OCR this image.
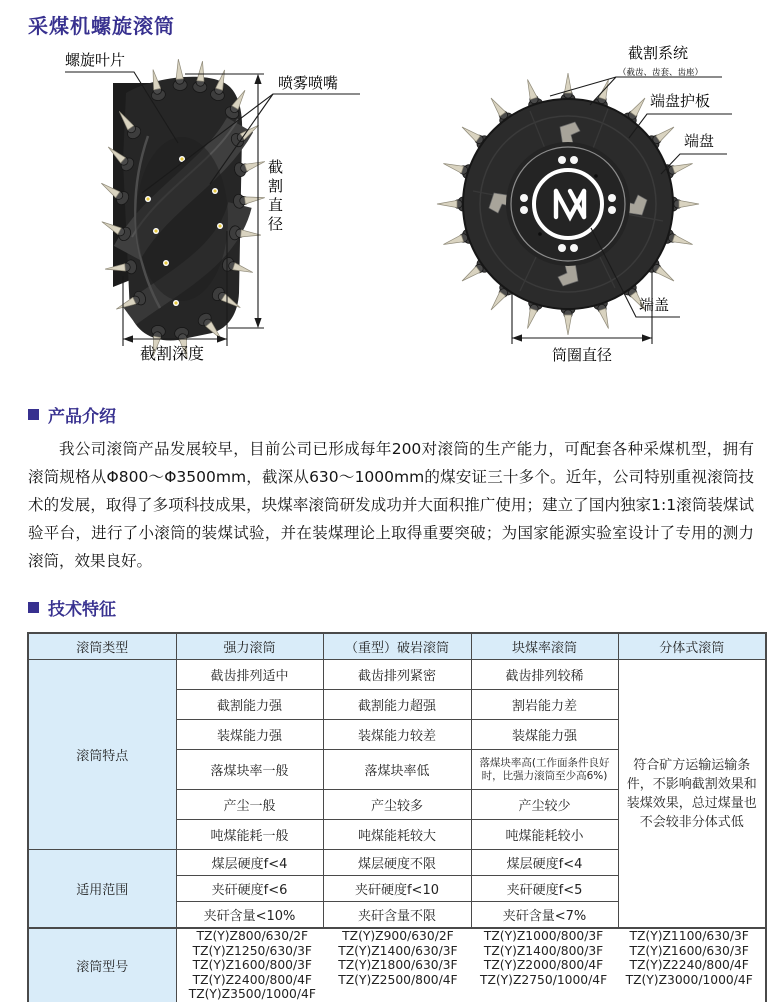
采煤机螺旋滚筒
螺旋叶片
喷雾喷嘴
截割直径
截割深度
截割系统
（截齿、齿套、齿座）
端盘护板
端盘
端盖
筒圈直径
产品介绍

我公司滚筒产品发展较早，目前公司已形成每年200对滚筒的生产能力，可配套各种采煤机型，拥有滚筒规格从Φ800～Φ3500mm，截深从630～1000mm的煤安证三十多个。近年，公司特别重视滚筒技术的发展，取得了多项科技成果，块煤率滚筒研发成功并大面积推广使用；建立了国内独家1:1滚筒装煤试验平台，进行了小滚筒的装煤试验，并在装煤理论上取得重要突破；为国家能源实验室设计了专用的测力滚筒，效果良好。

技术特征
滚筒类型	强力滚筒	（重型）破岩滚筒	块煤率滚筒	分体式滚筒
滚筒特点	截齿排列适中	截齿排列紧密	截齿排列较稀	符合矿方运输运输条件，不影响截割效果和装煤效果，总过煤量也不会较非分体式低
	截割能力强	截割能力超强	割岩能力差	
	装煤能力强	装煤能力较差	装煤能力强	
	落煤块率一般	落煤块率低	落煤块率高(工作面条件良好时，比强力滚筒至少高6%)	
	产尘一般	产尘较多	产尘较少	
	吨煤能耗一般	吨煤能耗较大	吨煤能耗较小	
适用范围	煤层硬度f<4	煤层硬度不限	煤层硬度f<4	
	夹矸硬度f<6	夹矸硬度f<10	夹矸硬度f<5	
	夹矸含量<10%	夹矸含量不限	夹矸含量<7%	
滚筒型号	
TZ(Y)Z800/630/2F	TZ(Y)Z900/630/2F	TZ(Y)Z1000/800/3F	TZ(Y)Z1100/630/3F
TZ(Y)Z1250/630/3F	TZ(Y)Z1400/630/3F	TZ(Y)Z1400/800/3F	TZ(Y)Z1600/630/3F
TZ(Y)Z1600/800/3F	TZ(Y)Z1800/630/3F	TZ(Y)Z2000/800/4F	TZ(Y)Z2240/800/4F
TZ(Y)Z2400/800/4F	TZ(Y)Z2500/800/4F	TZ(Y)Z2750/1000/4F	TZ(Y)Z3000/1000/4F
TZ(Y)Z3500/1000/4F
